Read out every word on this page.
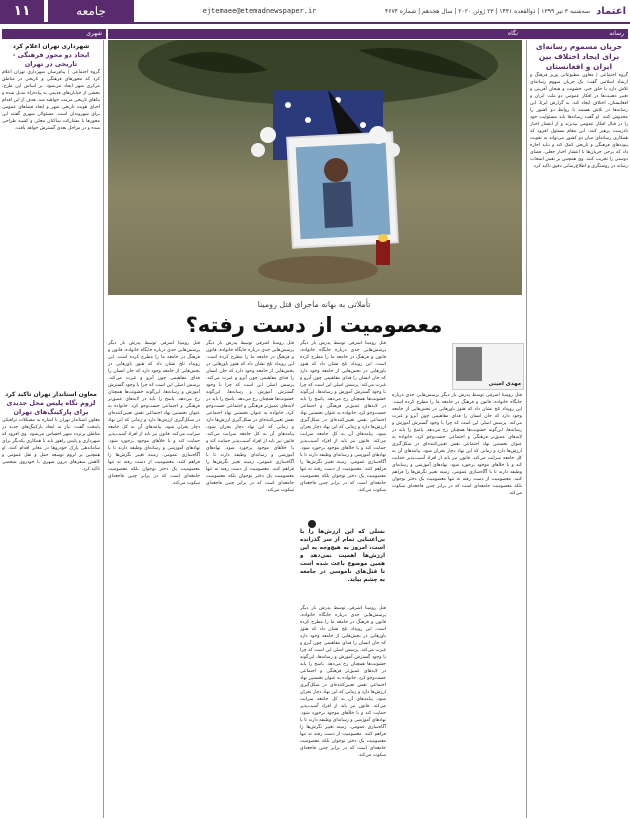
اعتماد
سه‌شنبه ۳ تیر ۱۳۹۹ | ذوالقعده ۱۴۴۱ | ۲۳ ژوئن ۲۰۲۰ | سال هجدهم | شماره ۴۶۷۴
ejtemaee@etemadnewspaper.ir
جامعه
۱۱
رسانه
نگاه
شهری
جریان مسموم رسانه‌ای برای ایجاد اختلاف بین ایران و افغانستان
گروه اجتماعی | معاون مطبوعاتی وزیر فرهنگ و ارشاد اسلامی گفت: یک جریان سهوم رسانه‌ای تلاش دارد با خلق خبر، خشونت و هیجان آفرینی و تغییر ذهنیت‌ها در افکار عمومی دو ملت ایران و افغانستان، اختلاف ایجاد کند. به گزارش ایرنا، این رسانه‌ها در تلاش هستند تا روابط دو کشور را مخدوش کنند. او گفت رسانه‌ها باید مسئولیت خود را در قبال افکار عمومی بپذیرند و از انتشار اخبار نادرست پرهیز کنند. این مقام مسئول افزود که همکاری رسانه‌ای میان دو کشور می‌تواند به تقویت پیوندهای فرهنگی و تاریخی کمک کند و نباید اجازه داد که برخی جریان‌ها با انتشار اخبار جعلی، فضای دوستی را تخریب کنند. وی همچنین بر نقش اصحاب رسانه در روشنگری و اطلاع‌رسانی دقیق تاکید کرد.
شهرداری تهران اعلام کرد
ایجاد دو محور فرهنگی - تاریخی در تهران
گروه اجتماعی | پیام‌رسان شهرداری تهران اعلام کرد که محورهای فرهنگی و تاریخی در مناطق مرکزی شهر ایجاد می‌شود. بر اساس این طرح، بخشی از خیابان‌های قدیمی به پیاده‌راه تبدیل شده و بناهای تاریخی مرمت خواهند شد. هدف از این اقدام احیای هویت تاریخی شهر و ایجاد فضاهای عمومی برای شهروندان است. مسئولان شهری گفتند این محورها با مشارکت ساکنان محلی و کسبه طراحی شده و در مراحل بعدی گسترش خواهد یافت.
معاون استاندار تهران تاکید کرد
لزوم نگاه پلیس محل جدیدی برای پارکینگ‌های تهران
معاون استاندار تهران با اشاره به مشکلات ترافیکی پایتخت گفت: نیاز به ایجاد پارکینگ‌های جدید در مناطق پرتردد شهر احساس می‌شود. وی افزود که شهرداری و پلیس راهور باید با همکاری یکدیگر برای ساماندهی پارک خودروها در معابر اقدام کنند. او همچنین بر لزوم توسعه حمل و نقل عمومی و کاهش سفرهای درون شهری با خودروی شخصی تاکید کرد.
تأملاتی به بهانه ماجرای قتل رومینا
معصومیت از دست رفته؟
مهدی امینی
قتل رومینا اشرفی توسط پدرش بار دیگر پرسش‌هایی جدی درباره جایگاه خانواده، قانون و فرهنگ در جامعه ما را مطرح کرده است. این رویداد تلخ نشان داد که هنوز باورهایی در بخش‌هایی از جامعه وجود دارد که جان انسان را فدای مفاهیمی چون آبرو و غیرت می‌کند. پرسش اصلی این است که چرا با وجود گسترش آموزش و رسانه‌ها، این‌گونه خشونت‌ها همچنان رخ می‌دهد. پاسخ را باید در لایه‌های عمیق‌تر فرهنگی و اجتماعی جست‌وجو کرد. خانواده به عنوان نخستین نهاد اجتماعی نقش تعیین‌کننده‌ای در شکل‌گیری ارزش‌ها دارد و زمانی که این نهاد دچار بحران شود، پیامدهای آن به کل جامعه سرایت می‌کند. قانون نیز باید از افراد آسیب‌پذیر حمایت کند و با خلأهای موجود برخورد شود. نهادهای آموزشی و رسانه‌ای وظیفه دارند تا با آگاه‌سازی عمومی، زمینه تغییر نگرش‌ها را فراهم کنند. معصومیت از دست رفته نه تنها معصومیت یک دختر نوجوان بلکه معصومیت جامعه‌ای است که در برابر چنین فاجعه‌ای سکوت می‌کند.
قتل رومینا اشرفی توسط پدرش بار دیگر پرسش‌هایی جدی درباره جایگاه خانواده، قانون و فرهنگ در جامعه ما را مطرح کرده است. این رویداد تلخ نشان داد که هنوز باورهایی در بخش‌هایی از جامعه وجود دارد که جان انسان را فدای مفاهیمی چون آبرو و غیرت می‌کند. پرسش اصلی این است که چرا با وجود گسترش آموزش و رسانه‌ها، این‌گونه خشونت‌ها همچنان رخ می‌دهد. پاسخ را باید در لایه‌های عمیق‌تر فرهنگی و اجتماعی جست‌وجو کرد. خانواده به عنوان نخستین نهاد اجتماعی نقش تعیین‌کننده‌ای در شکل‌گیری ارزش‌ها دارد و زمانی که این نهاد دچار بحران شود، پیامدهای آن به کل جامعه سرایت می‌کند. قانون نیز باید از افراد آسیب‌پذیر حمایت کند و با خلأهای موجود برخورد شود. نهادهای آموزشی و رسانه‌ای وظیفه دارند تا با آگاه‌سازی عمومی، زمینه تغییر نگرش‌ها را فراهم کنند. معصومیت از دست رفته نه تنها معصومیت یک دختر نوجوان بلکه معصومیت جامعه‌ای است که در برابر چنین فاجعه‌ای سکوت می‌کند.
قتل رومینا اشرفی توسط پدرش بار دیگر پرسش‌هایی جدی درباره جایگاه خانواده، قانون و فرهنگ در جامعه ما را مطرح کرده است. این رویداد تلخ نشان داد که هنوز باورهایی در بخش‌هایی از جامعه وجود دارد که جان انسان را فدای مفاهیمی چون آبرو و غیرت می‌کند. پرسش اصلی این است که چرا با وجود گسترش آموزش و رسانه‌ها، این‌گونه خشونت‌ها همچنان رخ می‌دهد. پاسخ را باید در لایه‌های عمیق‌تر فرهنگی و اجتماعی جست‌وجو کرد. خانواده به عنوان نخستین نهاد اجتماعی نقش تعیین‌کننده‌ای در شکل‌گیری ارزش‌ها دارد و زمانی که این نهاد دچار بحران شود، پیامدهای آن به کل جامعه سرایت می‌کند. قانون نیز باید از افراد آسیب‌پذیر حمایت کند و با خلأهای موجود برخورد شود. نهادهای آموزشی و رسانه‌ای وظیفه دارند تا با آگاه‌سازی عمومی، زمینه تغییر نگرش‌ها را فراهم کنند. معصومیت از دست رفته نه تنها معصومیت یک دختر نوجوان بلکه معصومیت جامعه‌ای است که در برابر چنین فاجعه‌ای سکوت می‌کند.
نسلی که این ارزش‌ها را با بی‌اعتنایی تمام از سر گذرانده است، امروز به هیچ‌وجه به این ارزش‌ها اهمیت نمی‌دهد و همین موضوع باعث شده است تا قتل‌های ناموسی در جامعه به چشم بیاید.
قتل رومینا اشرفی توسط پدرش بار دیگر پرسش‌هایی جدی درباره جایگاه خانواده، قانون و فرهنگ در جامعه ما را مطرح کرده است. این رویداد تلخ نشان داد که هنوز باورهایی در بخش‌هایی از جامعه وجود دارد که جان انسان را فدای مفاهیمی چون آبرو و غیرت می‌کند. پرسش اصلی این است که چرا با وجود گسترش آموزش و رسانه‌ها، این‌گونه خشونت‌ها همچنان رخ می‌دهد. پاسخ را باید در لایه‌های عمیق‌تر فرهنگی و اجتماعی جست‌وجو کرد. خانواده به عنوان نخستین نهاد اجتماعی نقش تعیین‌کننده‌ای در شکل‌گیری ارزش‌ها دارد و زمانی که این نهاد دچار بحران شود، پیامدهای آن به کل جامعه سرایت می‌کند. قانون نیز باید از افراد آسیب‌پذیر حمایت کند و با خلأهای موجود برخورد شود. نهادهای آموزشی و رسانه‌ای وظیفه دارند تا با آگاه‌سازی عمومی، زمینه تغییر نگرش‌ها را فراهم کنند. معصومیت از دست رفته نه تنها معصومیت یک دختر نوجوان بلکه معصومیت جامعه‌ای است که در برابر چنین فاجعه‌ای سکوت می‌کند.
قتل رومینا اشرفی توسط پدرش بار دیگر پرسش‌هایی جدی درباره جایگاه خانواده، قانون و فرهنگ در جامعه ما را مطرح کرده است. این رویداد تلخ نشان داد که هنوز باورهایی در بخش‌هایی از جامعه وجود دارد که جان انسان را فدای مفاهیمی چون آبرو و غیرت می‌کند. پرسش اصلی این است که چرا با وجود گسترش آموزش و رسانه‌ها، این‌گونه خشونت‌ها همچنان رخ می‌دهد. پاسخ را باید در لایه‌های عمیق‌تر فرهنگی و اجتماعی جست‌وجو کرد. خانواده به عنوان نخستین نهاد اجتماعی نقش تعیین‌کننده‌ای در شکل‌گیری ارزش‌ها دارد و زمانی که این نهاد دچار بحران شود، پیامدهای آن به کل جامعه سرایت می‌کند. قانون نیز باید از افراد آسیب‌پذیر حمایت کند و با خلأهای موجود برخورد شود. نهادهای آموزشی و رسانه‌ای وظیفه دارند تا با آگاه‌سازی عمومی، زمینه تغییر نگرش‌ها را فراهم کنند. معصومیت از دست رفته نه تنها معصومیت یک دختر نوجوان بلکه معصومیت جامعه‌ای است که در برابر چنین فاجعه‌ای سکوت می‌کند.
